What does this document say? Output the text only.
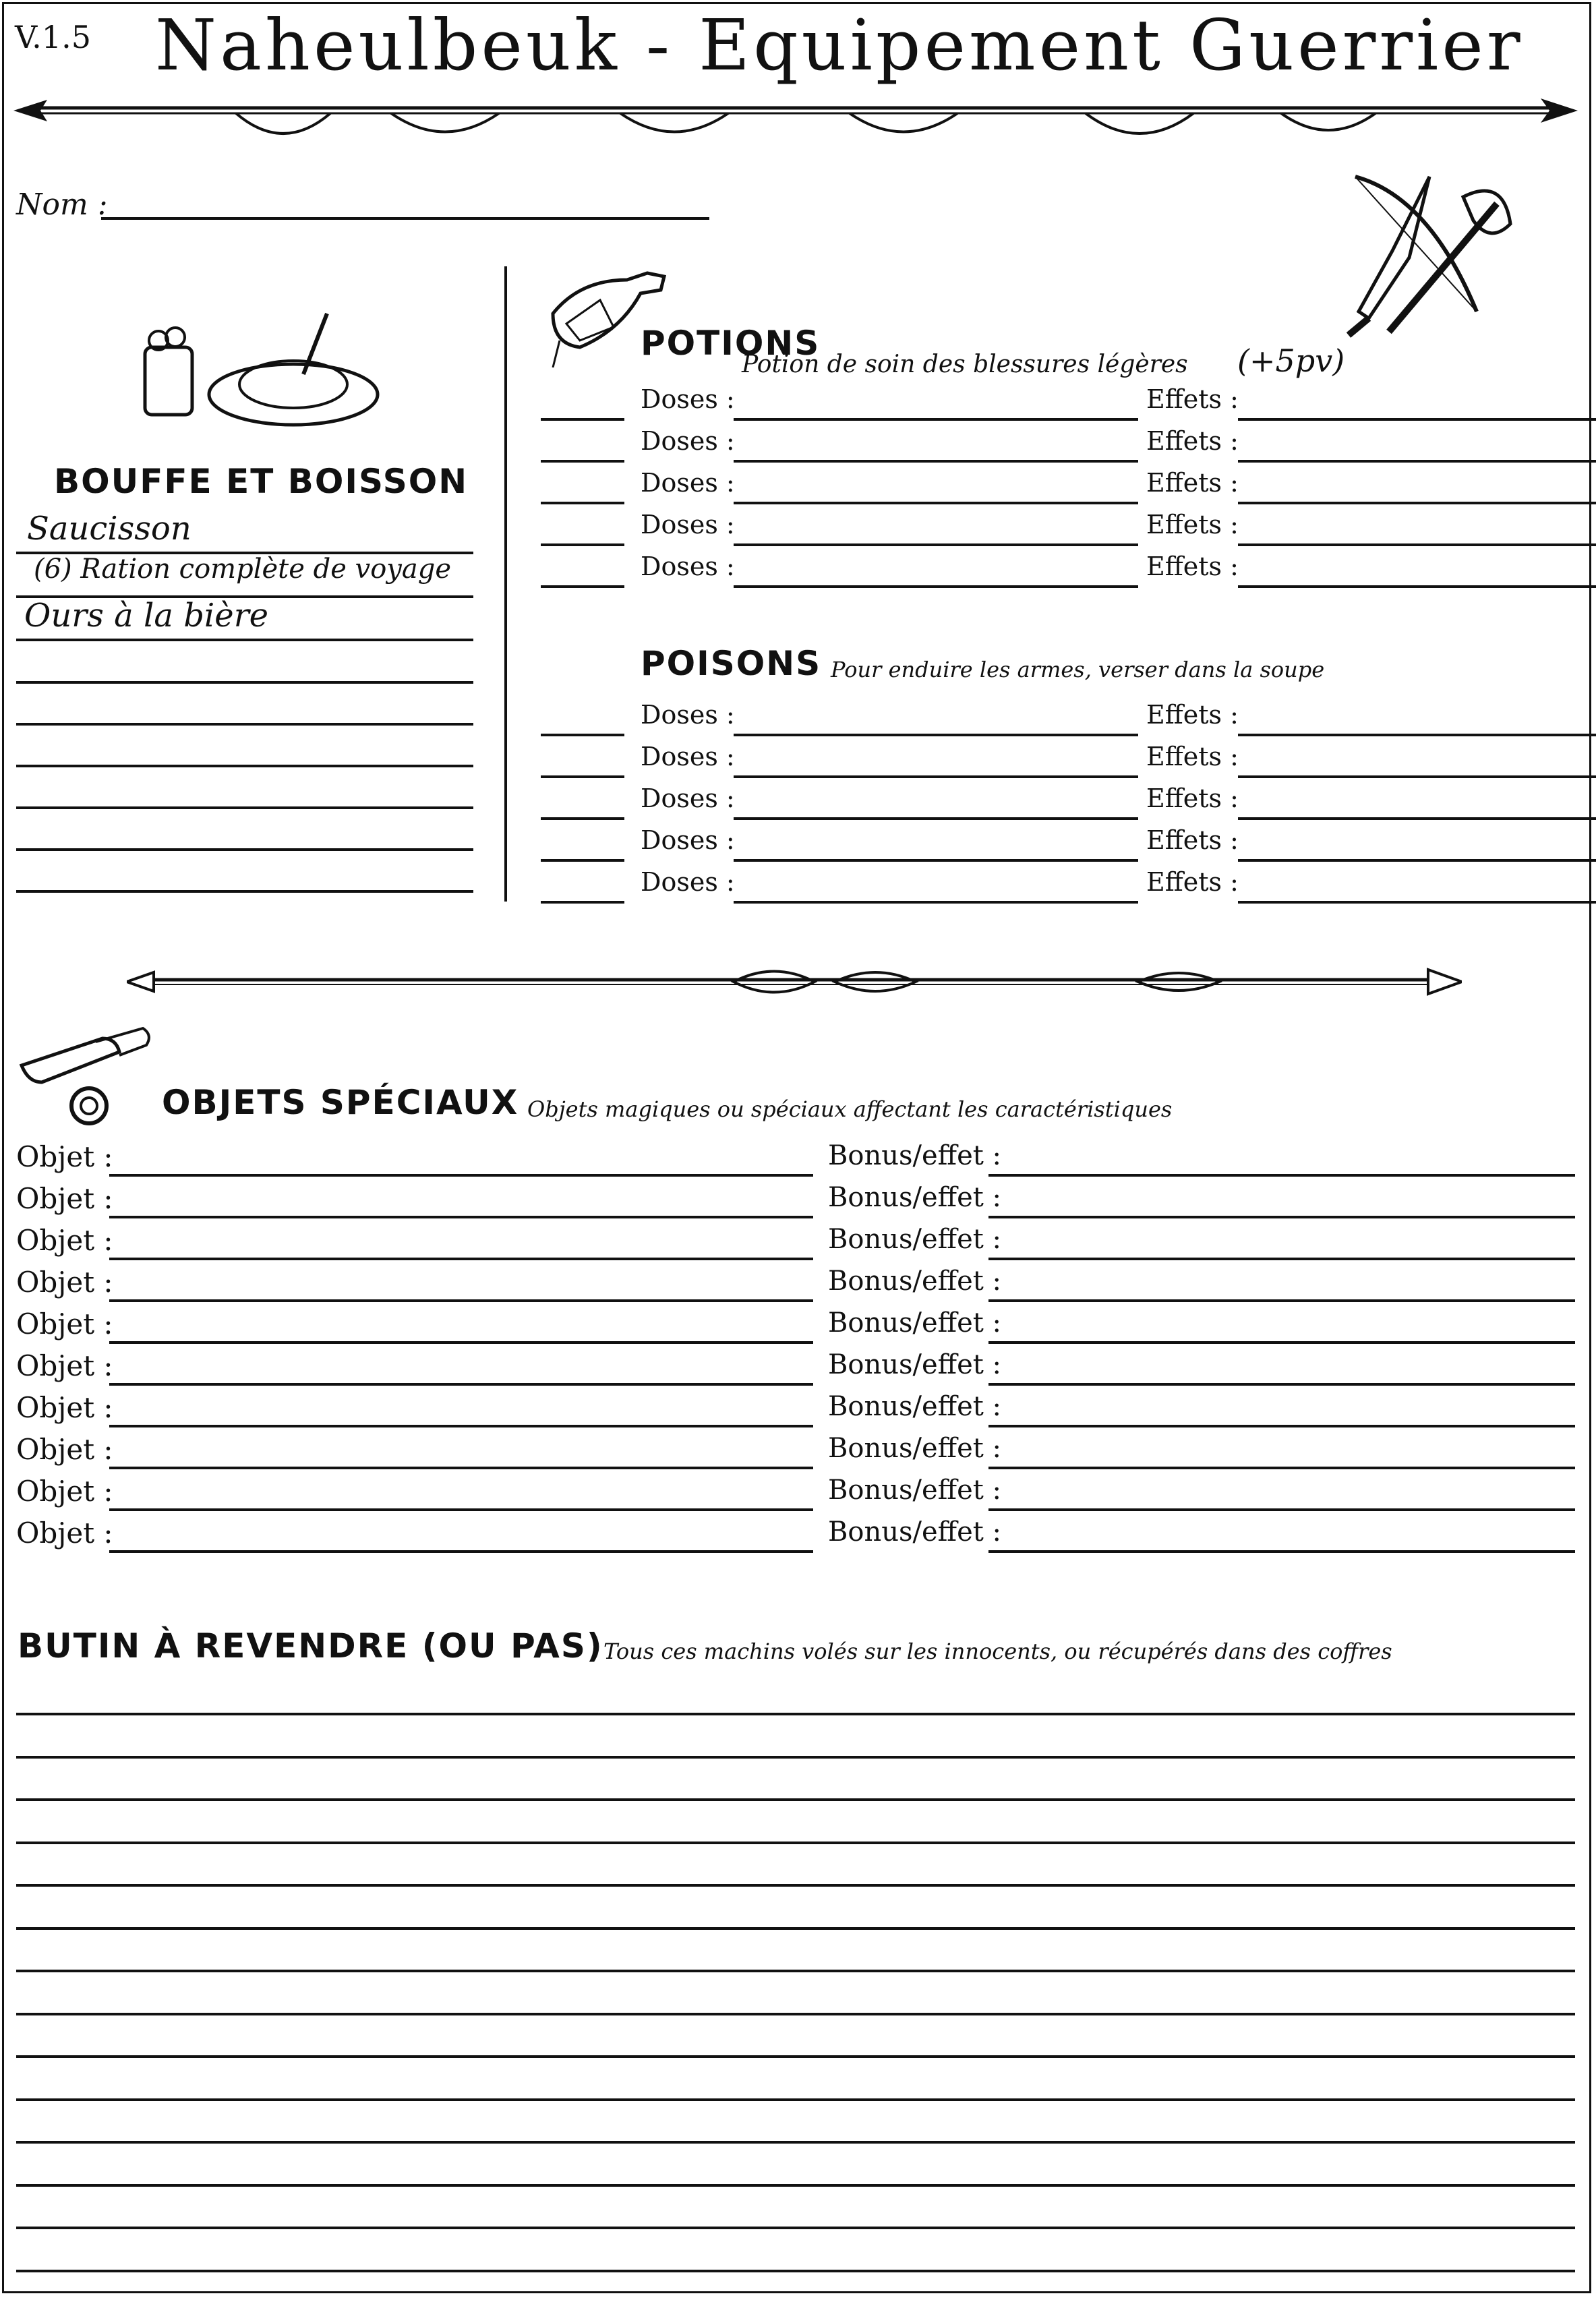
V.1.5 Naheulbeuk - Equipement Guerrier
Nom :
BOUFFE ET BOISSON
Saucisson
(6) Ration complète de voyage
Ours à la bière
POTIONS
Potion de soin des blessures légères (+5pv)
Doses :	Effets :
Doses :	Effets :
Doses :	Effets :
Doses :	Effets :
Doses :	Effets :
POISONS Pour enduire les armes, verser dans la soupe
Doses :	Effets :
Doses :	Effets :
Doses :	Effets :
Doses :	Effets :
Doses :	Effets :
OBJETS SPÉCIAUX Objets magiques ou spéciaux affectant les caractéristiques
Objet :	Bonus/effet :
Objet :	Bonus/effet :
Objet :	Bonus/effet :
Objet :	Bonus/effet :
Objet :	Bonus/effet :
Objet :	Bonus/effet :
Objet :	Bonus/effet :
Objet :	Bonus/effet :
Objet :	Bonus/effet :
Objet :	Bonus/effet :
BUTIN À REVENDRE (OU PAS) Tous ces machins volés sur les innocents, ou récupérés dans des coffres
